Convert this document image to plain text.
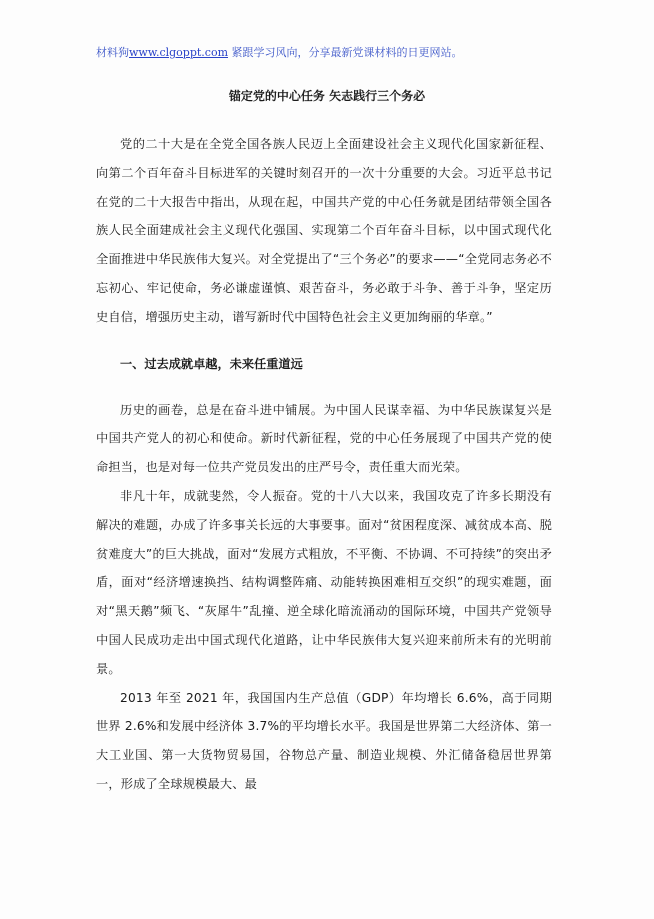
材料狗www.clgoppt.com 紧跟学习风向，分享最新党课材料的日更网站。
锚定党的中心任务 矢志践行三个务必

党的二十大是在全党全国各族人民迈上全面建设社会主义现代化国家新征程、向第二个百年奋斗目标进军的关键时刻召开的一次十分重要的大会。习近平总书记在党的二十大报告中指出，从现在起，中国共产党的中心任务就是团结带领全国各族人民全面建成社会主义现代化强国、实现第二个百年奋斗目标，以中国式现代化全面推进中华民族伟大复兴。对全党提出了“三个务必”的要求——“全党同志务必不忘初心、牢记使命，务必谦虚谨慎、艰苦奋斗，务必敢于斗争、善于斗争，坚定历史自信，增强历史主动，谱写新时代中国特色社会主义更加绚丽的华章。”

一、过去成就卓越，未来任重道远

历史的画卷，总是在奋斗进中铺展。为中国人民谋幸福、为中华民族谋复兴是中国共产党人的初心和使命。新时代新征程，党的中心任务展现了中国共产党的使命担当，也是对每一位共产党员发出的庄严号令，责任重大而光荣。

非凡十年，成就斐然，令人振奋。党的十八大以来，我国攻克了许多长期没有解决的难题，办成了许多事关长远的大事要事。面对“贫困程度深、减贫成本高、脱贫难度大”的巨大挑战，面对“发展方式粗放，不平衡、不协调、不可持续”的突出矛盾，面对“经济增速换挡、结构调整阵痛、动能转换困难相互交织”的现实难题，面对“黑天鹅”频飞、“灰犀牛”乱撞、逆全球化暗流涌动的国际环境，中国共产党领导中国人民成功走出中国式现代化道路，让中华民族伟大复兴迎来前所未有的光明前景。

2013 年至 2021 年，我国国内生产总值（GDP）年均增长 6.6%，高于同期世界 2.6%和发展中经济体 3.7%的平均增长水平。我国是世界第二大经济体、第一大工业国、第一大货物贸易国，谷物总产量、制造业规模、外汇储备稳居世界第一，形成了全球规模最大、最
